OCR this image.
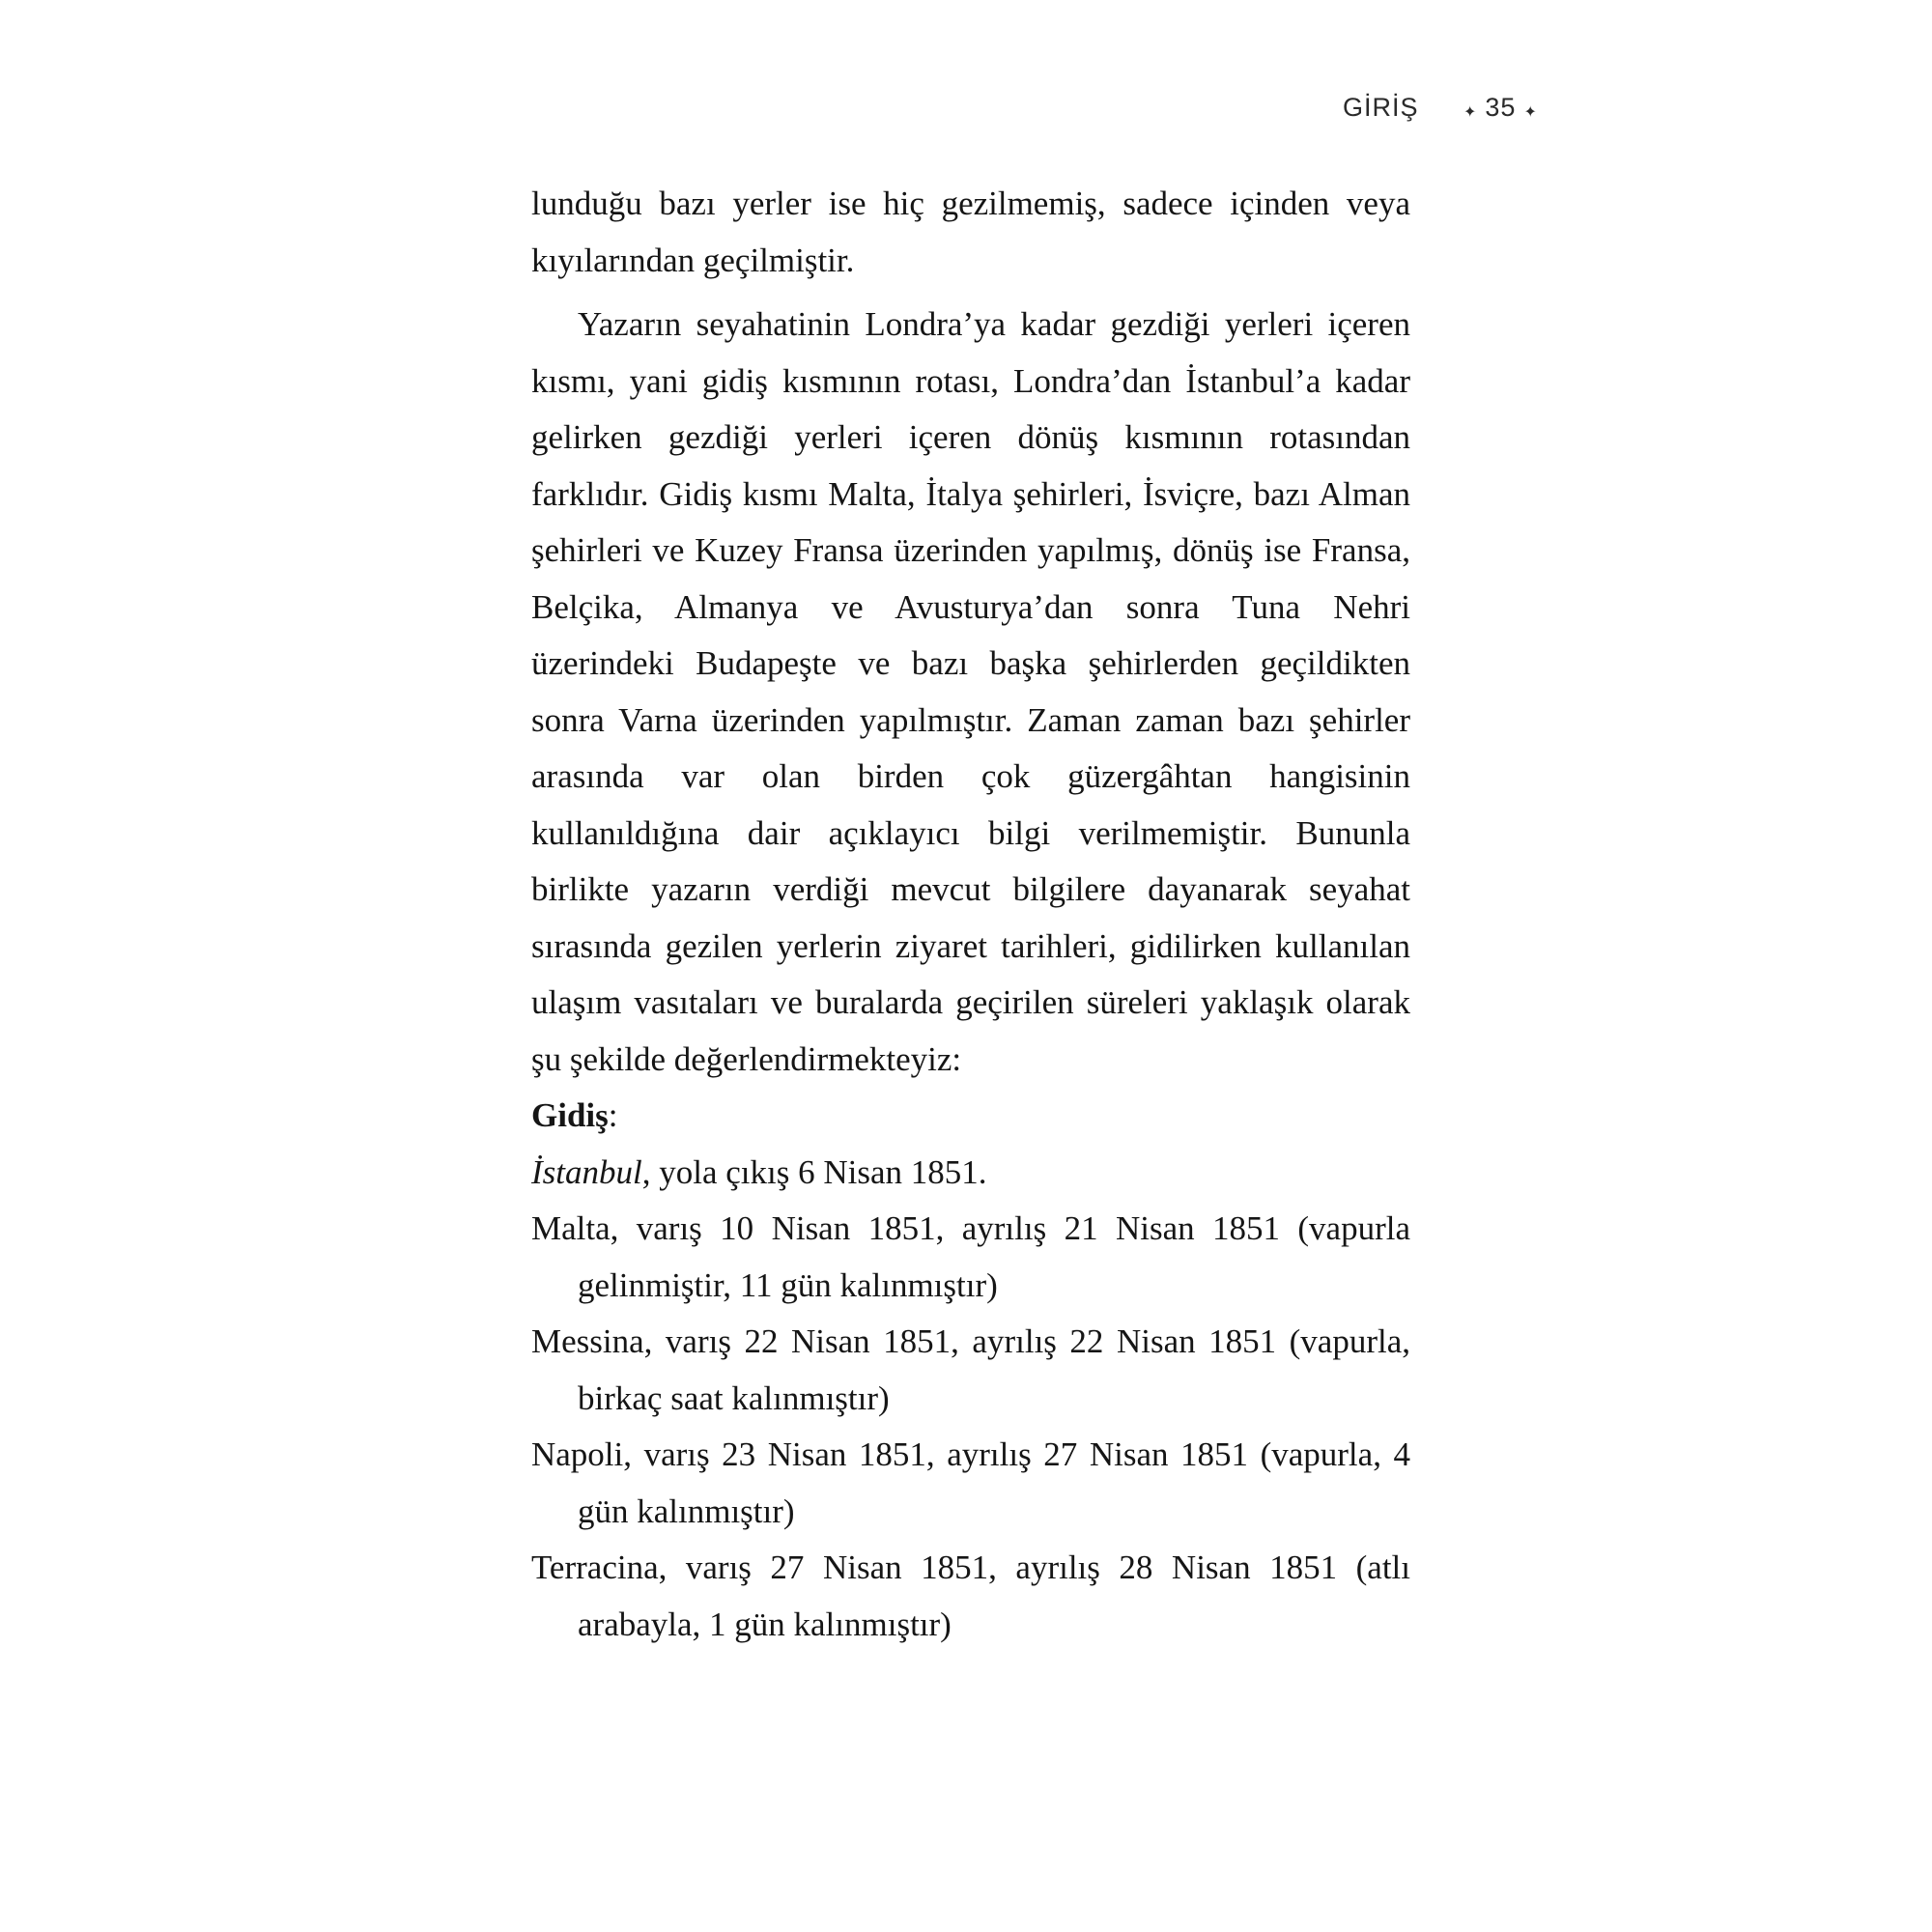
GİRİŞ	✦ 35 ✦

lunduğu bazı yerler ise hiç gezilmemiş, sadece içinden veya kıyılarından geçilmiştir.

Yazarın seyahatinin Londra’ya kadar gezdiği yerleri içeren kısmı, yani gidiş kısmının rotası, Londra’dan İstanbul’a kadar gelirken gezdiği yerleri içeren dönüş kısmının rotasından farklıdır. Gidiş kısmı Malta, İtalya şehirleri, İsviçre, bazı Alman şehirleri ve Kuzey Fransa üzerinden yapılmış, dönüş ise Fransa, Belçika, Almanya ve Avusturya’dan sonra Tuna Nehri üzerindeki Budapeşte ve bazı başka şehirlerden geçildikten sonra Varna üzerinden yapılmıştır. Zaman zaman bazı şehirler arasında var olan birden çok güzergâhtan hangisinin kullanıldığına dair açıklayıcı bilgi verilmemiştir. Bununla birlikte yazarın verdiği mevcut bilgilere dayanarak seyahat sırasında gezilen yerlerin ziyaret tarihleri, gidilirken kullanılan ulaşım vasıtaları ve buralarda geçirilen süreleri yaklaşık olarak şu şekilde değerlendirmekteyiz:

Gidiş:

İstanbul, yola çıkış 6 Nisan 1851.

Malta, varış 10 Nisan 1851, ayrılış 21 Nisan 1851 (vapurla gelinmiştir, 11 gün kalınmıştır)

Messina, varış 22 Nisan 1851, ayrılış 22 Nisan 1851 (vapurla, birkaç saat kalınmıştır)

Napoli, varış 23 Nisan 1851, ayrılış 27 Nisan 1851 (vapurla, 4 gün kalınmıştır)

Terracina, varış 27 Nisan 1851, ayrılış 28 Nisan 1851 (atlı arabayla, 1 gün kalınmıştır)
